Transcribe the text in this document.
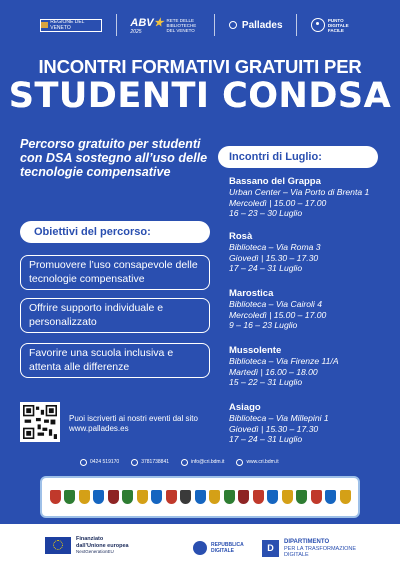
REGIONE DEL VENETO	ABV★
2025
RETE DELLE BIBLIOTECHE DEL VENETO	Pallades	PUNTO DIGITALE FACILE
INCONTRI FORMATIVI GRATUITI PER
STUDENTI CONDSA
Percorso gratuito per studenti con DSA sostegno all’uso delle tecnologie compensative
Obiettivi del percorso:
Promuovere l’uso consapevole delle tecnologie compensative
Offrire supporto individuale e personalizzato
Favorire una scuola inclusiva e attenta alle differenze
Puoi iscriverti ai nostri eventi dal sito www.pallades.es
Incontri di Luglio:
Bassano del Grappa
Urban Center – Via Porto di Brenta 1
Mercoledì | 15.00 – 17.00
16 – 23 – 30 Luglio
Rosà
Biblioteca – Via Roma 3
Giovedì | 15.30 – 17.30
17 – 24 – 31 Luglio
Marostica
Biblioteca – Via Cairoli 4
Mercoledì | 15.00 – 17.00
9 – 16 – 23 Luglio
Mussolente
Biblioteca – Via Firenze 11/A
Martedì | 16.00 – 18.00
15 – 22 – 31 Luglio
Asiago
Biblioteca – Via Millepini 1
Giovedì | 15.30 – 17.30
17 – 24 – 31 Luglio
0424 519170	3781738841	info@cri.bdm.it	www.cri.bdm.it
Finanziato
dall’Unione europea
NextGenerationEU
REPUBBLICA
DIGITALE	D
DIPARTIMENTO
PER LA TRASFORMAZIONE
DIGITALE
